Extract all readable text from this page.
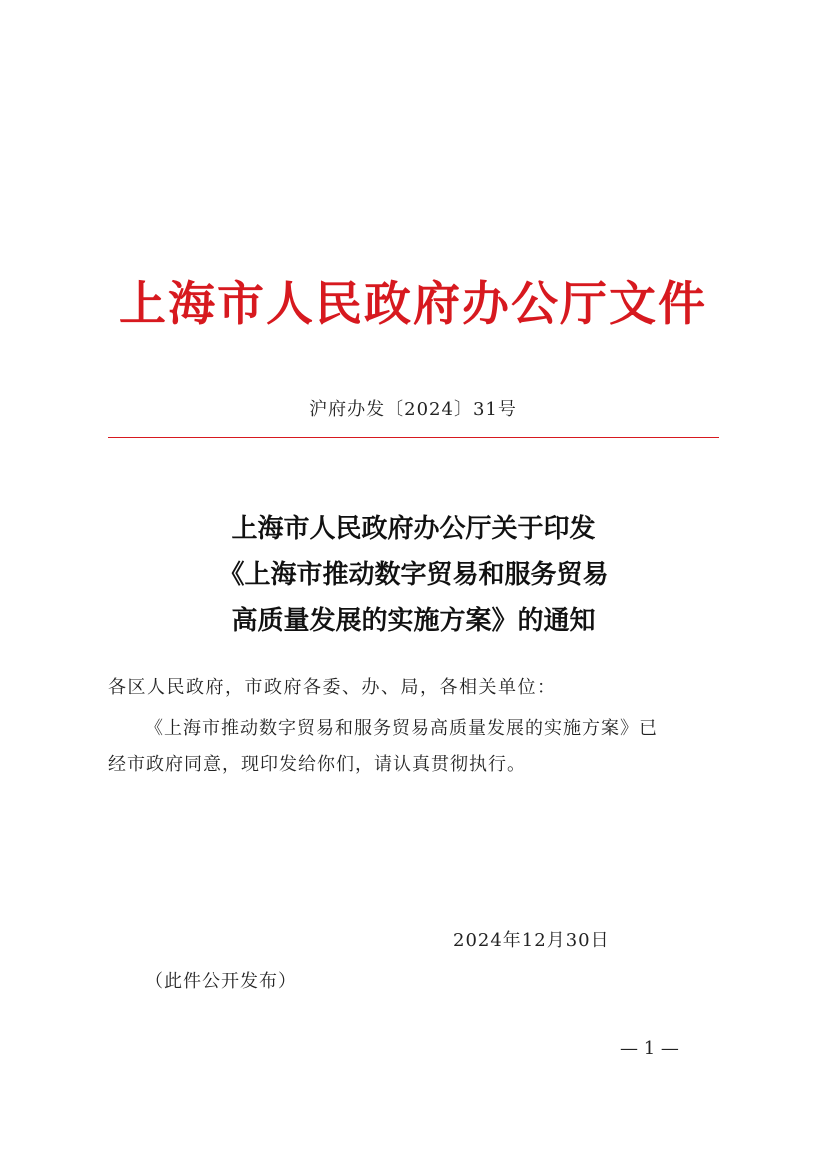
上海市人民政府办公厅文件
沪府办发〔2024〕31号
上海市人民政府办公厅关于印发
《上海市推动数字贸易和服务贸易
高质量发展的实施方案》的通知
各区人民政府，市政府各委、办、局，各相关单位：
《上海市推动数字贸易和服务贸易高质量发展的实施方案》已
经市政府同意，现印发给你们，请认真贯彻执行。
2024年12月30日
（此件公开发布）
— 1 —
